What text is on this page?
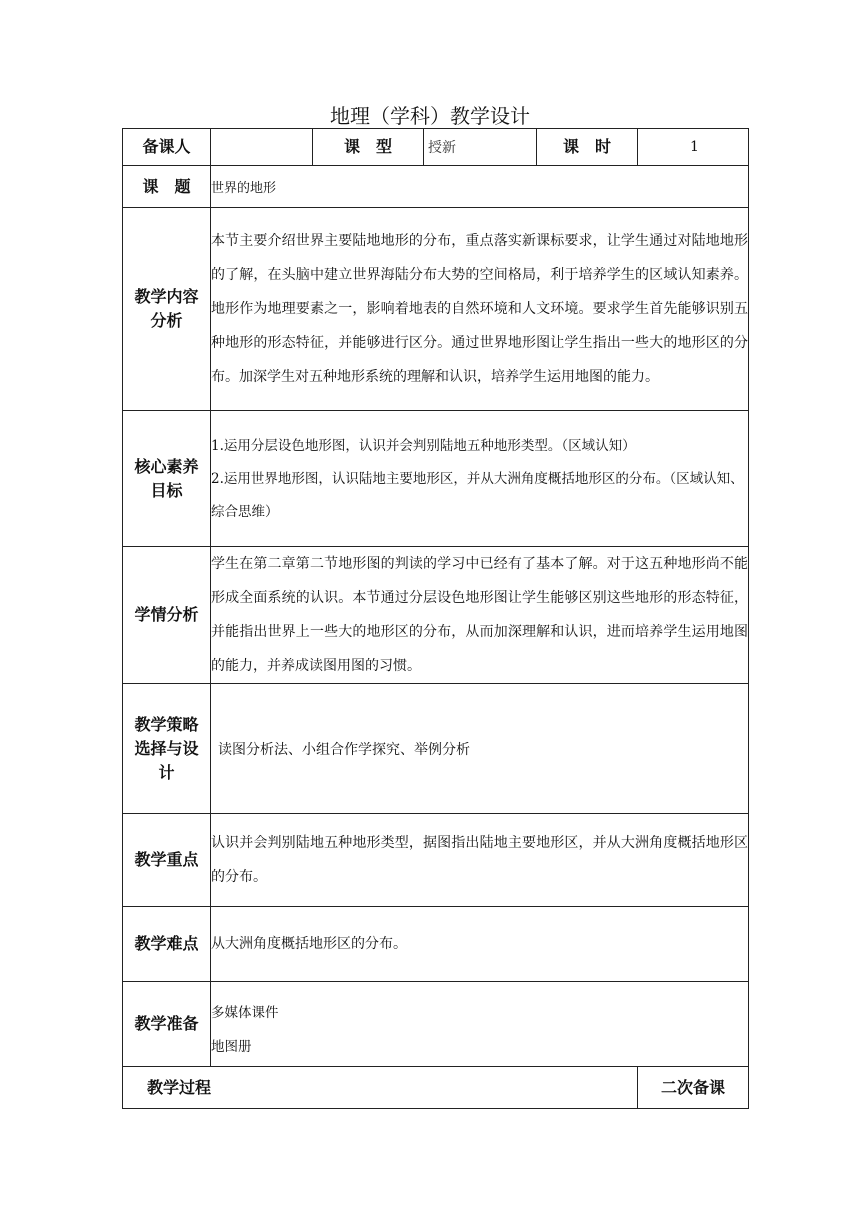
地理（学科）教学设计
备课人		课　型	授新	课　时	1
课　题	世界的地形				
教学内容分析	本节主要介绍世界主要陆地地形的分布，重点落实新课标要求，让学生通过对陆地地形的了解，在头脑中建立世界海陆分布大势的空间格局，利于培养学生的区域认知素养。地形作为地理要素之一，影响着地表的自然环境和人文环境。要求学生首先能够识别五种地形的形态特征，并能够进行区分。通过世界地形图让学生指出一些大的地形区的分布。加深学生对五种地形系统的理解和认识，培养学生运用地图的能力。				
核心素养目标	1.运用分层设色地形图，认识并会判别陆地五种地形类型。（区域认知）
2.运用世界地形图，认识陆地主要地形区，并从大洲角度概括地形区的分布。（区域认知、综合思维）				

学情分析	学生在第二章第二节地形图的判读的学习中已经有了基本了解。对于这五种地形尚不能形成全面系统的认识。本节通过分层设色地形图让学生能够区别这些地形的形态特征，并能指出世界上一些大的地形区的分布，从而加深理解和认识，进而培养学生运用地图的能力，并养成读图用图的习惯。				
教学策略选择与设计	读图分析法、小组合作学探究、举例分析				
教学重点	认识并会判别陆地五种地形类型，据图指出陆地主要地形区，并从大洲角度概括地形区的分布。				
教学难点	从大洲角度概括地形区的分布。				
教学准备	多媒体课件
地图册				

教学过程					二次备课
